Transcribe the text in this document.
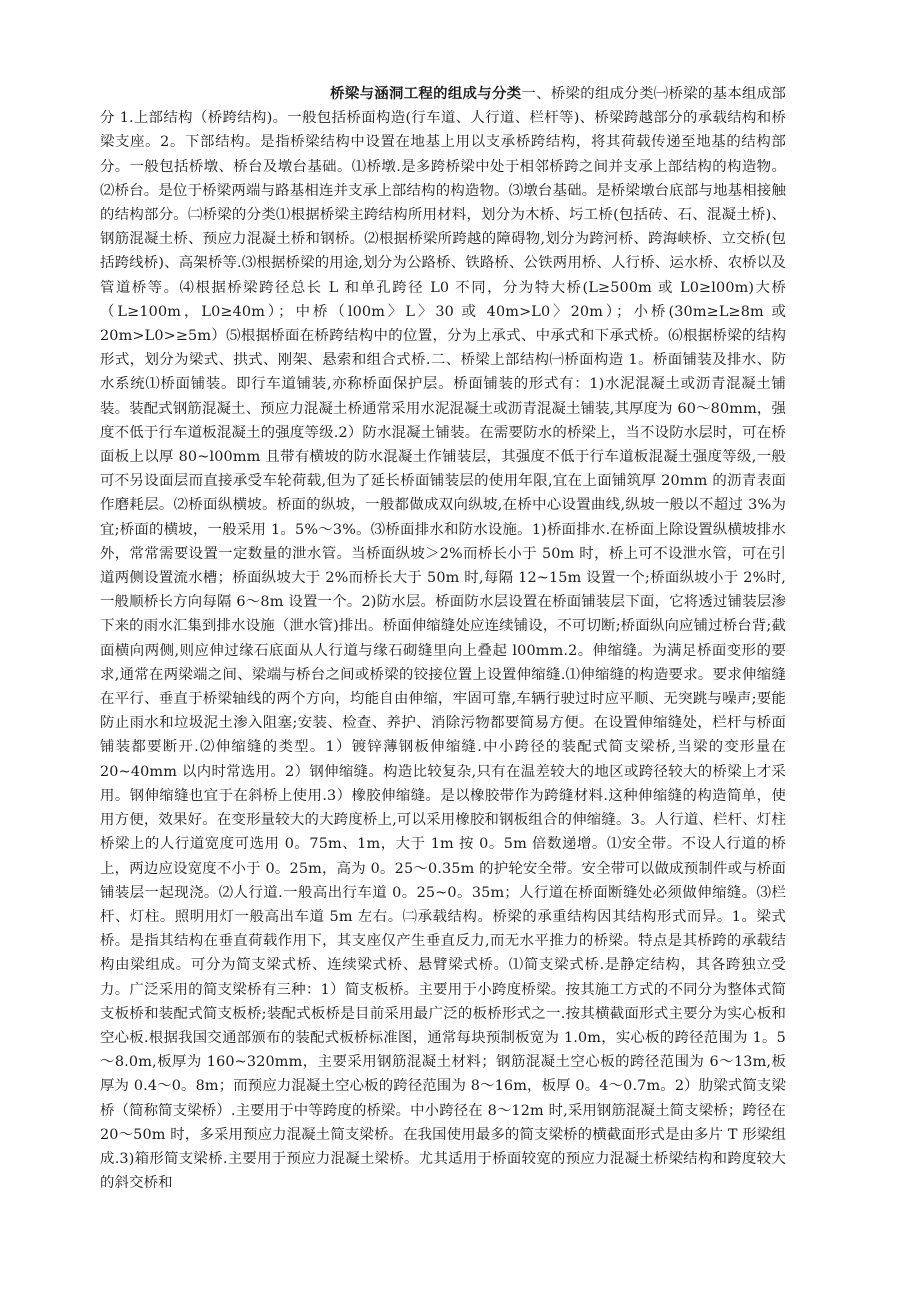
桥梁与涵洞工程的组成与分类一、桥梁的组成分类㈠桥梁的基本组成部分 1.上部结构（桥跨结构)。一般包括桥面构造(行车道、人行道、栏杆等)、桥梁跨越部分的承载结构和桥梁支座。2。下部结构。是指桥梁结构中设置在地基上用以支承桥跨结构，将其荷载传递至地基的结构部分。一般包括桥墩、桥台及墩台基础。⑴桥墩.是多跨桥梁中处于相邻桥跨之间并支承上部结构的构造物。⑵桥台。是位于桥梁两端与路基相连并支承上部结构的构造物。⑶墩台基础。是桥梁墩台底部与地基相接触的结构部分。㈡桥梁的分类⑴根据桥梁主跨结构所用材料，划分为木桥、圬工桥(包括砖、石、混凝土桥)、钢筋混凝土桥、预应力混凝土桥和钢桥。⑵根据桥梁所跨越的障碍物,划分为跨河桥、跨海峡桥、立交桥(包括跨线桥)、高架桥等.⑶根据桥梁的用途,划分为公路桥、铁路桥、公铁两用桥、人行桥、运水桥、农桥以及管道桥等。⑷根据桥梁跨径总长 L 和单孔跨径 L0 不同，分为特大桥(L≥500m 或 L0≥l00m)大桥（L≥100m，L0≥40m）；中桥（l00m〉L〉30 或 40m>L0〉20m）；小桥(30m≥L≥8m 或 20m>L0>≥5m）⑸根据桥面在桥跨结构中的位置，分为上承式、中承式和下承式桥。⑹根据桥梁的结构形式，划分为梁式、拱式、刚架、悬索和组合式桥.二、桥梁上部结构㈠桥面构造 1。桥面铺装及排水、防水系统⑴桥面铺装。即行车道铺装,亦称桥面保护层。桥面铺装的形式有：1)水泥混凝土或沥青混凝土铺装。装配式钢筋混凝土、预应力混凝土桥通常采用水泥混凝土或沥青混凝土铺装,其厚度为 60～80mm，强度不低于行车道板混凝土的强度等级.2）防水混凝土铺装。在需要防水的桥梁上，当不设防水层时，可在桥面板上以厚 80~l00mm 且带有横坡的防水混凝土作铺装层，其强度不低于行车道板混凝土强度等级,一般可不另设面层而直接承受车轮荷载,但为了延长桥面铺装层的使用年限,宜在上面铺筑厚 20mm 的沥青表面作磨耗层。⑵桥面纵横坡。桥面的纵坡，一般都做成双向纵坡,在桥中心设置曲线,纵坡一般以不超过 3%为宜;桥面的横坡，一般采用 1。5%～3%。⑶桥面排水和防水设施。1)桥面排水.在桥面上除设置纵横坡排水外，常常需要设置一定数量的泄水管。当桥面纵坡＞2%而桥长小于 50m 时，桥上可不设泄水管，可在引道两侧设置流水槽；桥面纵坡大于 2%而桥长大于 50m 时,每隔 12~15m 设置一个;桥面纵坡小于 2%时,一般顺桥长方向每隔 6～8m 设置一个。2)防水层。桥面防水层设置在桥面铺装层下面，它将透过铺装层渗下来的雨水汇集到排水设施（泄水管)排出。桥面伸缩缝处应连续铺设，不可切断;桥面纵向应铺过桥台背;截面横向两侧,则应伸过缘石底面从人行道与缘石砌缝里向上叠起 l00mm.2。伸缩缝。为满足桥面变形的要求,通常在两梁端之间、梁端与桥台之间或桥梁的铰接位置上设置伸缩缝.⑴伸缩缝的构造要求。要求伸缩缝在平行、垂直于桥梁轴线的两个方向，均能自由伸缩，牢固可靠,车辆行驶过时应平顺、无突跳与噪声;要能防止雨水和垃圾泥土渗入阻塞;安装、检查、养护、消除污物都要简易方便。在设置伸缩缝处，栏杆与桥面铺装都要断开.⑵伸缩缝的类型。1）镀锌薄钢板伸缩缝.中小跨径的装配式简支梁桥,当梁的变形量在 20~40mm 以内时常选用。2）钢伸缩缝。构造比较复杂,只有在温差较大的地区或跨径较大的桥梁上才采用。钢伸缩缝也宜于在斜桥上使用.3）橡胶伸缩缝。是以橡胶带作为跨缝材料.这种伸缩缝的构造简单，使用方便，效果好。在变形量较大的大跨度桥上,可以采用橡胶和钢板组合的伸缩缝。3。人行道、栏杆、灯柱桥梁上的人行道宽度可选用 0。75m、1m，大于 1m 按 0。5m 倍数递增。⑴安全带。不设人行道的桥上，两边应设宽度不小于 0。25m，高为 0。25～0.35m 的护轮安全带。安全带可以做成预制件或与桥面铺装层一起现浇。⑵人行道.一般高出行车道 0。25~0。35m；人行道在桥面断缝处必须做伸缩缝。⑶栏杆、灯柱。照明用灯一般高出车道 5m 左右。㈡承载结构。桥梁的承重结构因其结构形式而异。1。梁式桥。是指其结构在垂直荷载作用下，其支座仅产生垂直反力,而无水平推力的桥梁。特点是其桥跨的承载结构由梁组成。可分为简支梁式桥、连续梁式桥、悬臂梁式桥。⑴简支梁式桥.是静定结构，其各跨独立受力。广泛采用的简支梁桥有三种：1）简支板桥。主要用于小跨度桥梁。按其施工方式的不同分为整体式简支板桥和装配式简支板桥;装配式板桥是目前采用最广泛的板桥形式之一.按其横截面形式主要分为实心板和空心板.根据我国交通部颁布的装配式板桥标准图，通常每块预制板宽为 1.0m，实心板的跨径范围为 1。5～8.0m,板厚为 160~320mm，主要采用钢筋混凝土材料；钢筋混凝土空心板的跨径范围为 6～13m,板厚为 0.4～0。8m；而预应力混凝土空心板的跨径范围为 8～16m，板厚 0。4～0.7m。2）肋梁式简支梁桥（简称简支梁桥）.主要用于中等跨度的桥梁。中小跨径在 8～12m 时,采用钢筋混凝土简支梁桥；跨径在 20～50m 时，多采用预应力混凝土简支梁桥。在我国使用最多的简支梁桥的横截面形式是由多片 T 形梁组成.3)箱形简支梁桥.主要用于预应力混凝土梁桥。尤其适用于桥面较宽的预应力混凝土桥梁结构和跨度较大的斜交桥和
